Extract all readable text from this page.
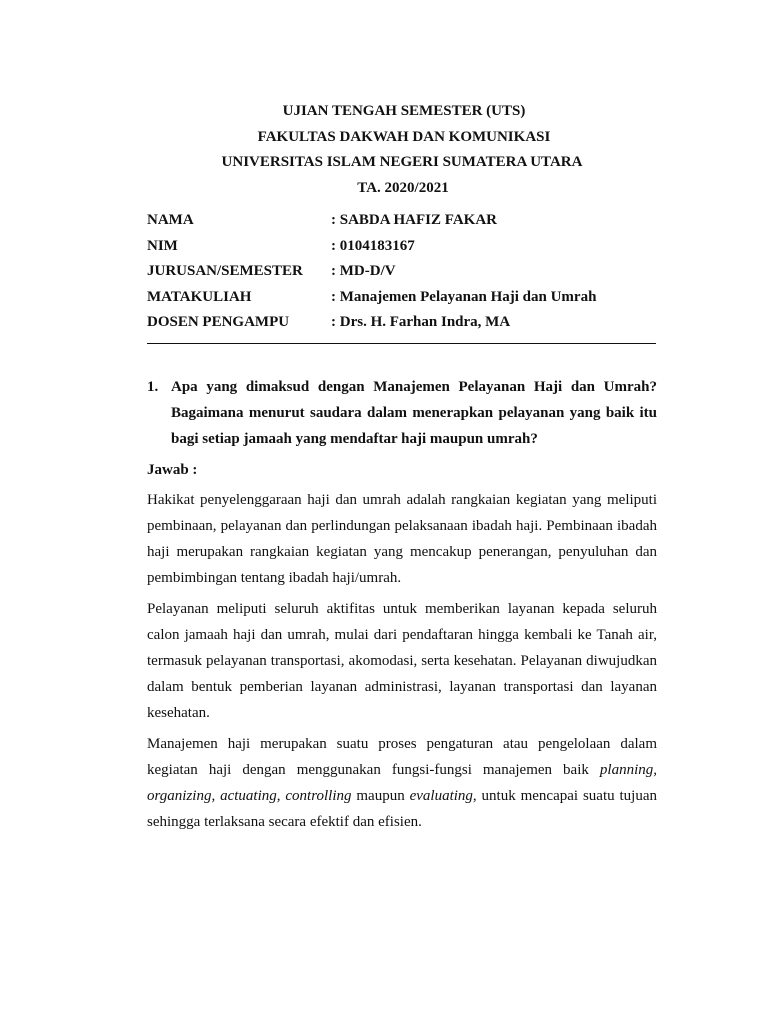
UJIAN TENGAH SEMESTER (UTS)
FAKULTAS DAKWAH DAN KOMUNIKASI
UNIVERSITAS ISLAM NEGERI SUMATERA UTARA
TA. 2020/2021
NAMA	: SABDA HAFIZ FAKAR
NIM	: 0104183167
JURUSAN/SEMESTER	: MD-D/V
MATAKULIAH	: Manajemen Pelayanan Haji dan Umrah
DOSEN PENGAMPU	: Drs. H. Farhan Indra, MA
1. Apa yang dimaksud dengan Manajemen Pelayanan Haji dan Umrah? Bagaimana menurut saudara dalam menerapkan pelayanan yang baik itu bagi setiap jamaah yang mendaftar haji maupun umrah?
Jawab :
Hakikat penyelenggaraan haji dan umrah adalah rangkaian kegiatan yang meliputi pembinaan, pelayanan dan perlindungan pelaksanaan ibadah haji. Pembinaan ibadah haji merupakan rangkaian kegiatan yang mencakup penerangan, penyuluhan dan pembimbingan tentang ibadah haji/umrah.
Pelayanan meliputi seluruh aktifitas untuk memberikan layanan kepada seluruh calon jamaah haji dan umrah, mulai dari pendaftaran hingga kembali ke Tanah air, termasuk pelayanan transportasi, akomodasi, serta kesehatan. Pelayanan diwujudkan dalam bentuk pemberian layanan administrasi, layanan transportasi dan layanan kesehatan.
Manajemen haji merupakan suatu proses pengaturan atau pengelolaan dalam kegiatan haji dengan menggunakan fungsi-fungsi manajemen baik planning, organizing, actuating, controlling maupun evaluating, untuk mencapai suatu tujuan sehingga terlaksana secara efektif dan efisien.
